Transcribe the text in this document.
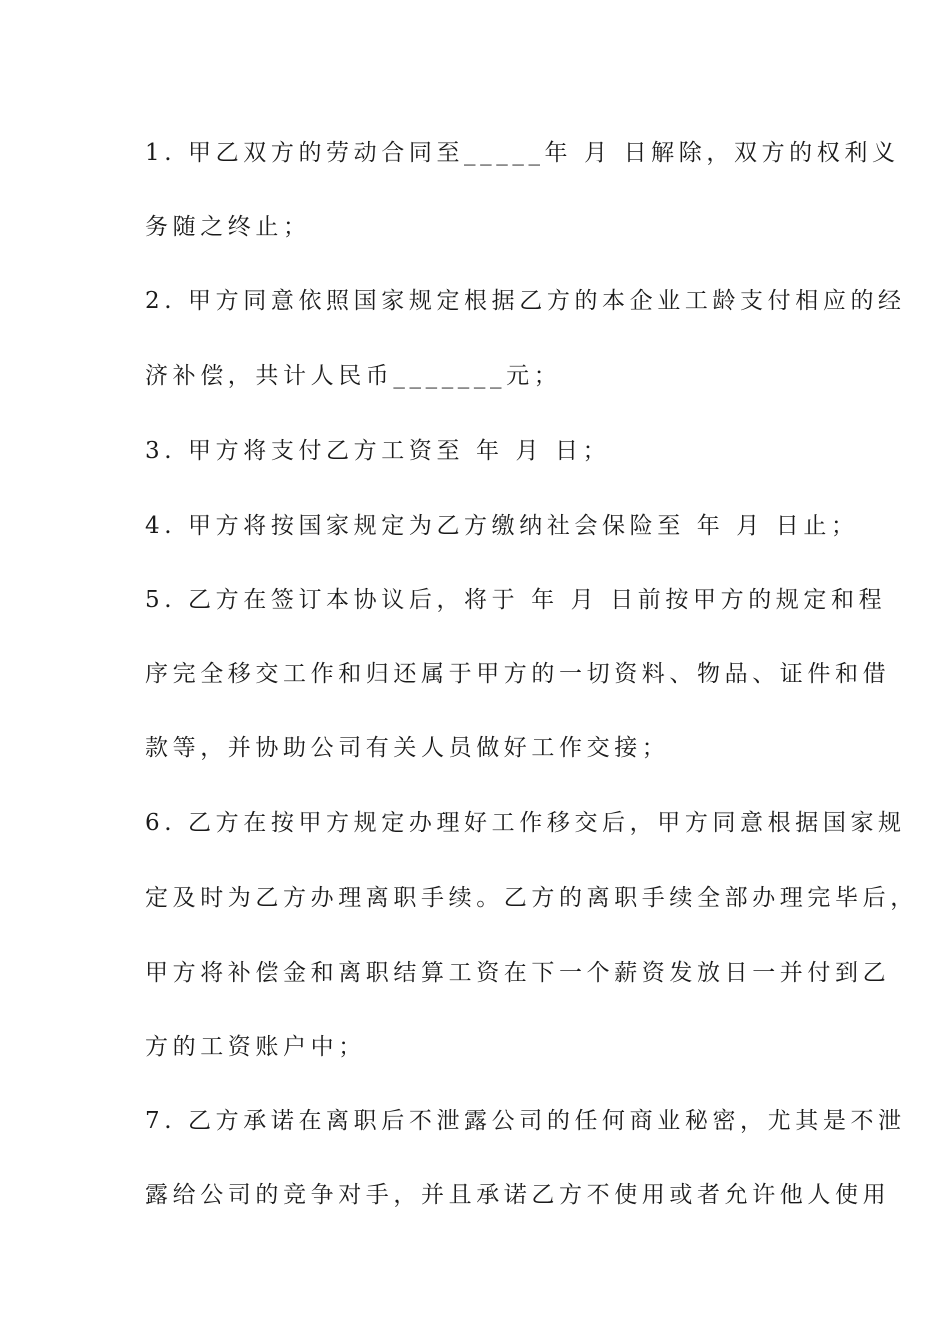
1. 甲乙双方的劳动合同至_____年 月 日解除，双方的权利义
务随之终止；
2. 甲方同意依照国家规定根据乙方的本企业工龄支付相应的经
济补偿，共计人民币_______元；
3. 甲方将支付乙方工资至 年 月 日；
4. 甲方将按国家规定为乙方缴纳社会保险至 年 月 日止；
5. 乙方在签订本协议后，将于 年 月 日前按甲方的规定和程
序完全移交工作和归还属于甲方的一切资料、物品、证件和借
款等，并协助公司有关人员做好工作交接；
6. 乙方在按甲方规定办理好工作移交后，甲方同意根据国家规
定及时为乙方办理离职手续。乙方的离职手续全部办理完毕后，
甲方将补偿金和离职结算工资在下一个薪资发放日一并付到乙
方的工资账户中；
7. 乙方承诺在离职后不泄露公司的任何商业秘密，尤其是不泄
露给公司的竞争对手，并且承诺乙方不使用或者允许他人使用
